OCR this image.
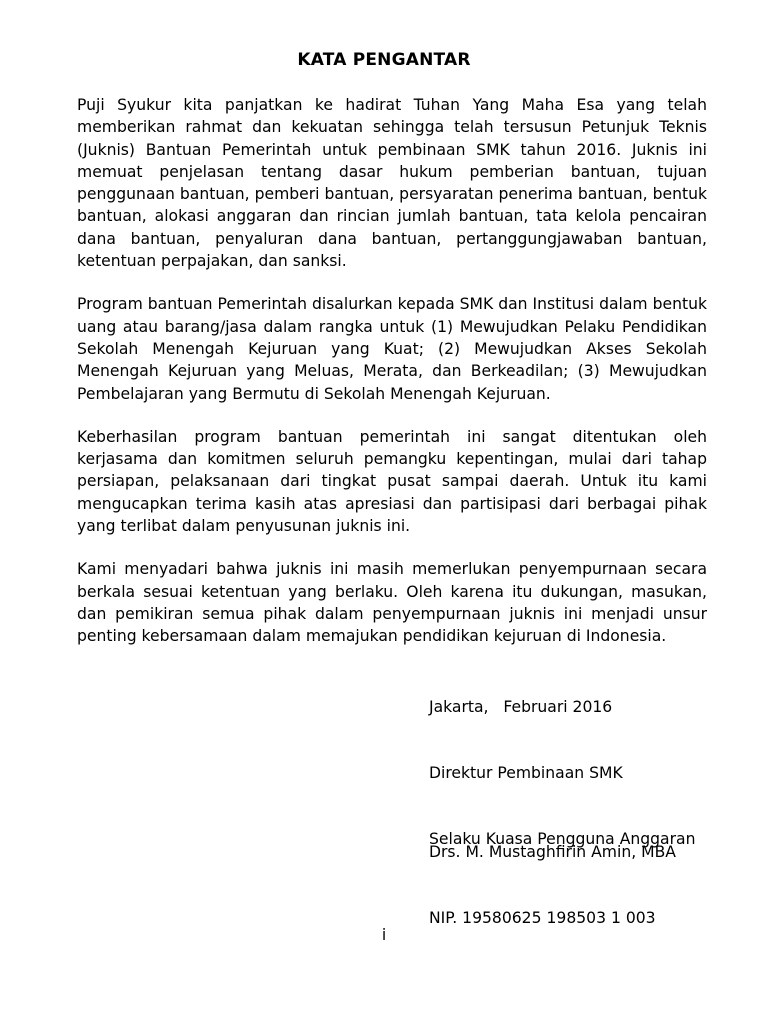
KATA PENGANTAR

Puji Syukur kita panjatkan ke hadirat Tuhan Yang Maha Esa yang telah memberikan rahmat dan kekuatan sehingga telah tersusun Petunjuk Teknis (Juknis) Bantuan Pemerintah untuk pembinaan SMK tahun 2016. Juknis ini memuat penjelasan tentang dasar hukum pemberian bantuan, tujuan penggunaan bantuan, pemberi bantuan, persyaratan penerima bantuan, bentuk bantuan, alokasi anggaran dan rincian jumlah bantuan, tata kelola pencairan dana bantuan, penyaluran dana bantuan, pertanggungjawaban bantuan, ketentuan perpajakan, dan sanksi.

Program bantuan Pemerintah disalurkan kepada SMK dan Institusi dalam bentuk uang atau barang/jasa dalam rangka untuk (1) Mewujudkan Pelaku Pendidikan Sekolah Menengah Kejuruan yang Kuat; (2) Mewujudkan Akses Sekolah Menengah Kejuruan yang Meluas, Merata, dan Berkeadilan; (3) Mewujudkan Pembelajaran yang Bermutu di Sekolah Menengah Kejuruan.

Keberhasilan program bantuan pemerintah ini sangat ditentukan oleh kerjasama dan komitmen seluruh pemangku kepentingan, mulai dari tahap persiapan, pelaksanaan dari tingkat pusat sampai daerah. Untuk itu kami mengucapkan terima kasih atas apresiasi dan partisipasi dari berbagai pihak yang terlibat dalam penyusunan juknis ini.

Kami menyadari bahwa juknis ini masih memerlukan penyempurnaan secara berkala sesuai ketentuan yang berlaku. Oleh karena itu dukungan, masukan, dan pemikiran semua pihak dalam penyempurnaan juknis ini menjadi unsur penting kebersamaan dalam memajukan pendidikan kejuruan di Indonesia.

Jakarta,   Februari 2016

Direktur Pembinaan SMK

Selaku Kuasa Pengguna Anggaran

Drs. M. Mustaghfirin Amin, MBA

NIP. 19580625 198503 1 003

i
